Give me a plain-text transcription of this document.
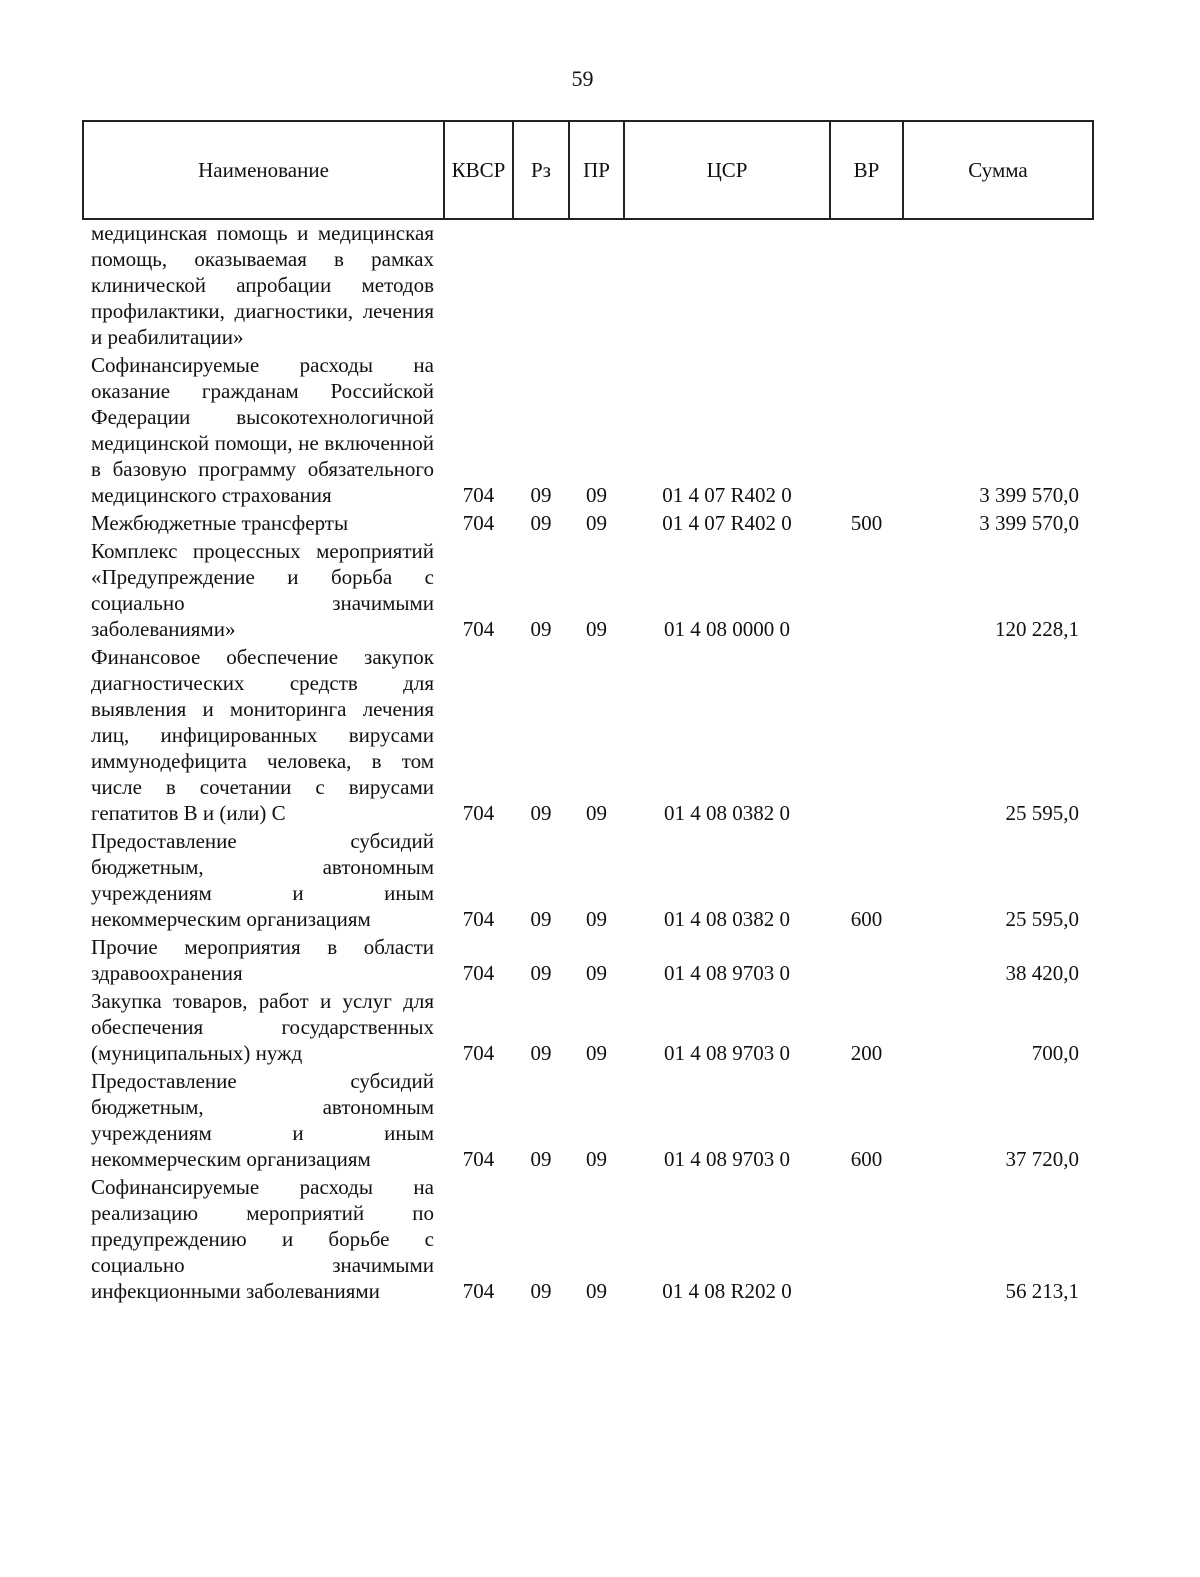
59
Наименование	КВСР	Рз	ПР	ЦСР	ВР	Сумма
медицинская помощь и медицинская помощь, оказываемая в рамках клинической апробации методов профилактики, диагностики, лечения и реабилитации»						
Софинансируемые расходы на оказание гражданам Российской Федерации высокотехнологичной медицинской помощи, не включенной в базовую программу обязательного медицинского страхования	704	09	09	01 4 07 R402 0		3 399 570,0
Межбюджетные трансферты	704	09	09	01 4 07 R402 0	500	3 399 570,0
Комплекс процессных мероприятий «Предупреждение и борьба с социально значимыми заболеваниями»	704	09	09	01 4 08 0000 0		120 228,1
Финансовое обеспечение закупок диагностических средств для выявления и мониторинга лечения лиц, инфицированных вирусами иммунодефицита человека, в том числе в сочетании с вирусами гепатитов В и (или) С	704	09	09	01 4 08 0382 0		25 595,0
Предоставление субсидий бюджетным, автономным учреждениям и иным некоммерческим организациям	704	09	09	01 4 08 0382 0	600	25 595,0
Прочие мероприятия в области здравоохранения	704	09	09	01 4 08 9703 0		38 420,0
Закупка товаров, работ и услуг для обеспечения государственных (муниципальных) нужд	704	09	09	01 4 08 9703 0	200	700,0
Предоставление субсидий бюджетным, автономным учреждениям и иным некоммерческим организациям	704	09	09	01 4 08 9703 0	600	37 720,0
Софинансируемые расходы на реализацию мероприятий по предупреждению и борьбе с социально значимыми инфекционными заболеваниями	704	09	09	01 4 08 R202 0		56 213,1
